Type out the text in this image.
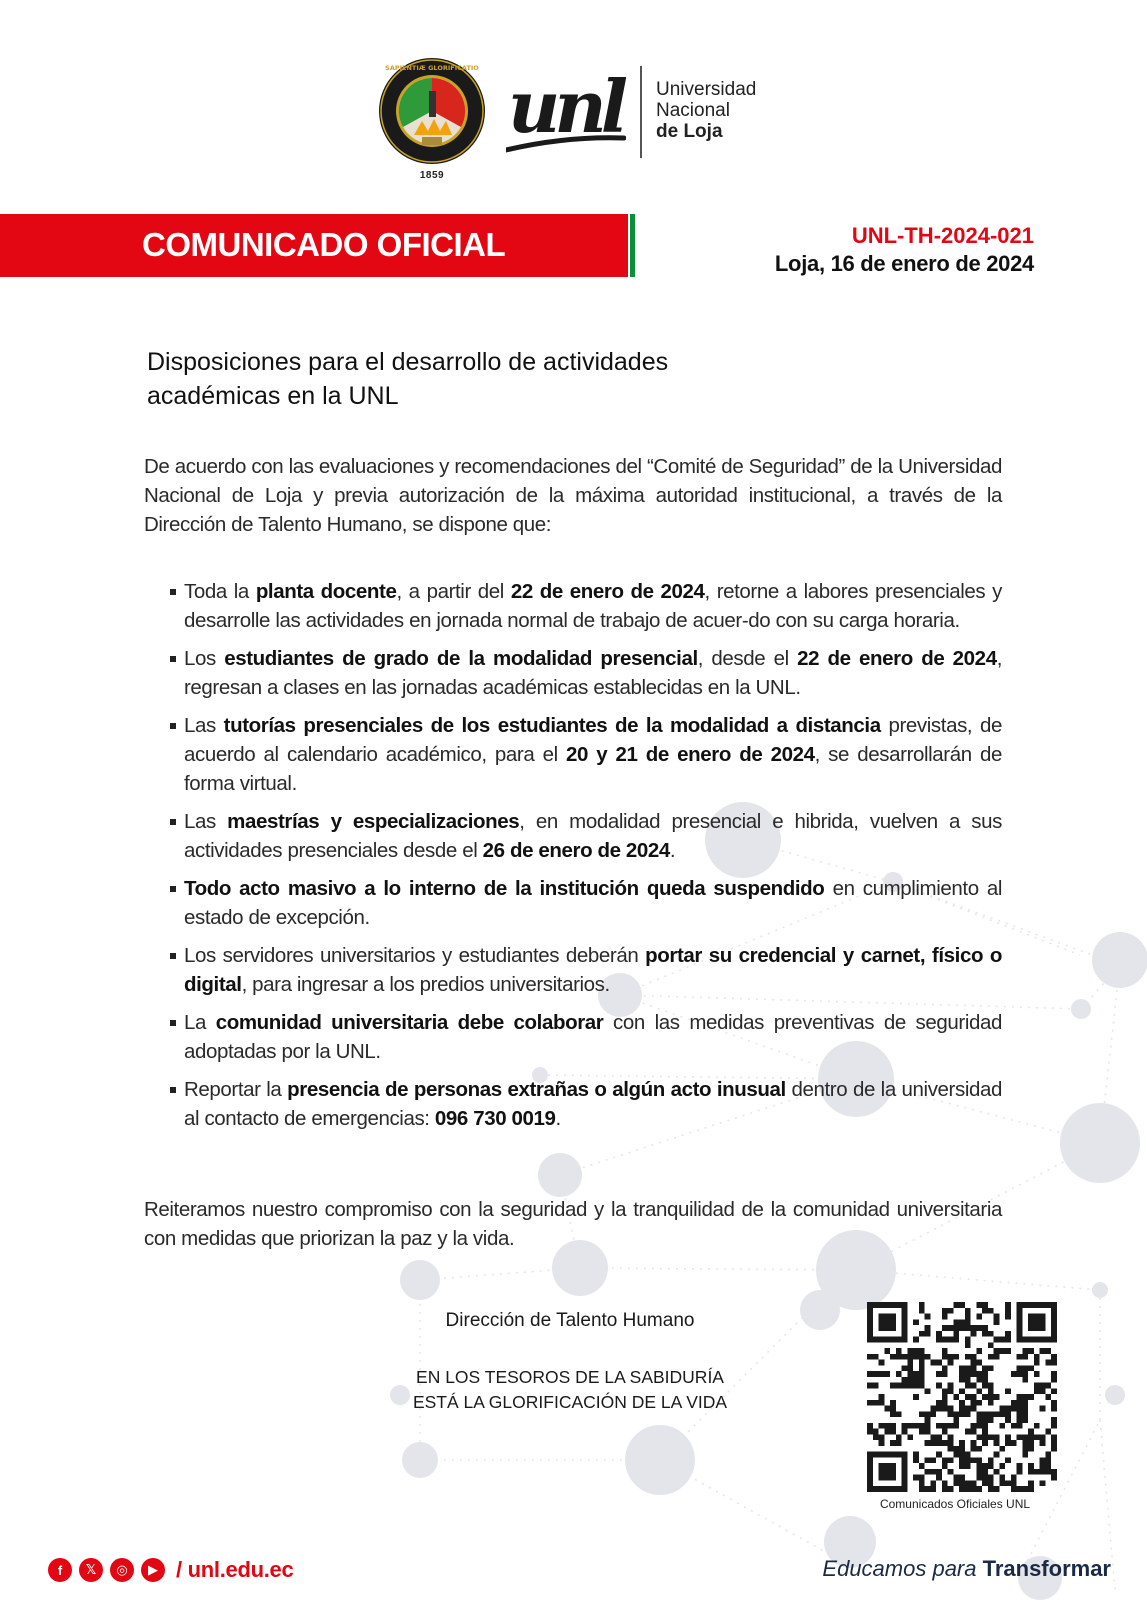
SAPIENTIÆ GLORIFICATIO
1859
unl Universidad
Nacional
de Loja
COMUNICADO OFICIAL	UNL-TH-2024-021
Loja, 16 de enero de 2024
Disposiciones para el desarrollo de actividades
académicas en la UNL
De acuerdo con las evaluaciones y recomendaciones del “Comité de Seguridad” de la Universidad Nacional de Loja y previa autorización de la máxima autoridad institucional, a través de la Dirección de Talento Humano, se dispone que:
Toda la planta docente, a partir del 22 de enero de 2024, retorne a labores presenciales y desarrolle las actividades en jornada normal de trabajo de acuer-do con su carga horaria.
Los estudiantes de grado de la modalidad presencial, desde el 22 de enero de 2024, regresan a clases en las jornadas académicas establecidas en la UNL.
Las tutorías presenciales de los estudiantes de la modalidad a distancia previstas, de acuerdo al calendario académico, para el 20 y 21 de enero de 2024, se desarrollarán de forma virtual.
Las maestrías y especializaciones, en modalidad presencial e hibrida, vuelven a sus actividades presenciales desde el 26 de enero de 2024.
Todo acto masivo a lo interno de la institución queda suspendido en cumplimiento al estado de excepción.
Los servidores universitarios y estudiantes deberán portar su credencial y carnet, físico o digital, para ingresar a los predios universitarios.
La comunidad universitaria debe colaborar con las medidas preventivas de seguridad adoptadas por la UNL.
Reportar la presencia de personas extrañas o algún acto inusual dentro de la universidad al contacto de emergencias: 096 730 0019.
Reiteramos nuestro compromiso con la seguridad y la tranquilidad de la comunidad universitaria con medidas que priorizan la paz y la vida.
Dirección de Talento Humano
EN LOS TESOROS DE LA SABIDURÍA
ESTÁ LA GLORIFICACIÓN DE LA VIDA
Comunicados Oficiales UNL
f	𝕏	◎	▶ / unl.edu.ec	Educamos para Transformar
